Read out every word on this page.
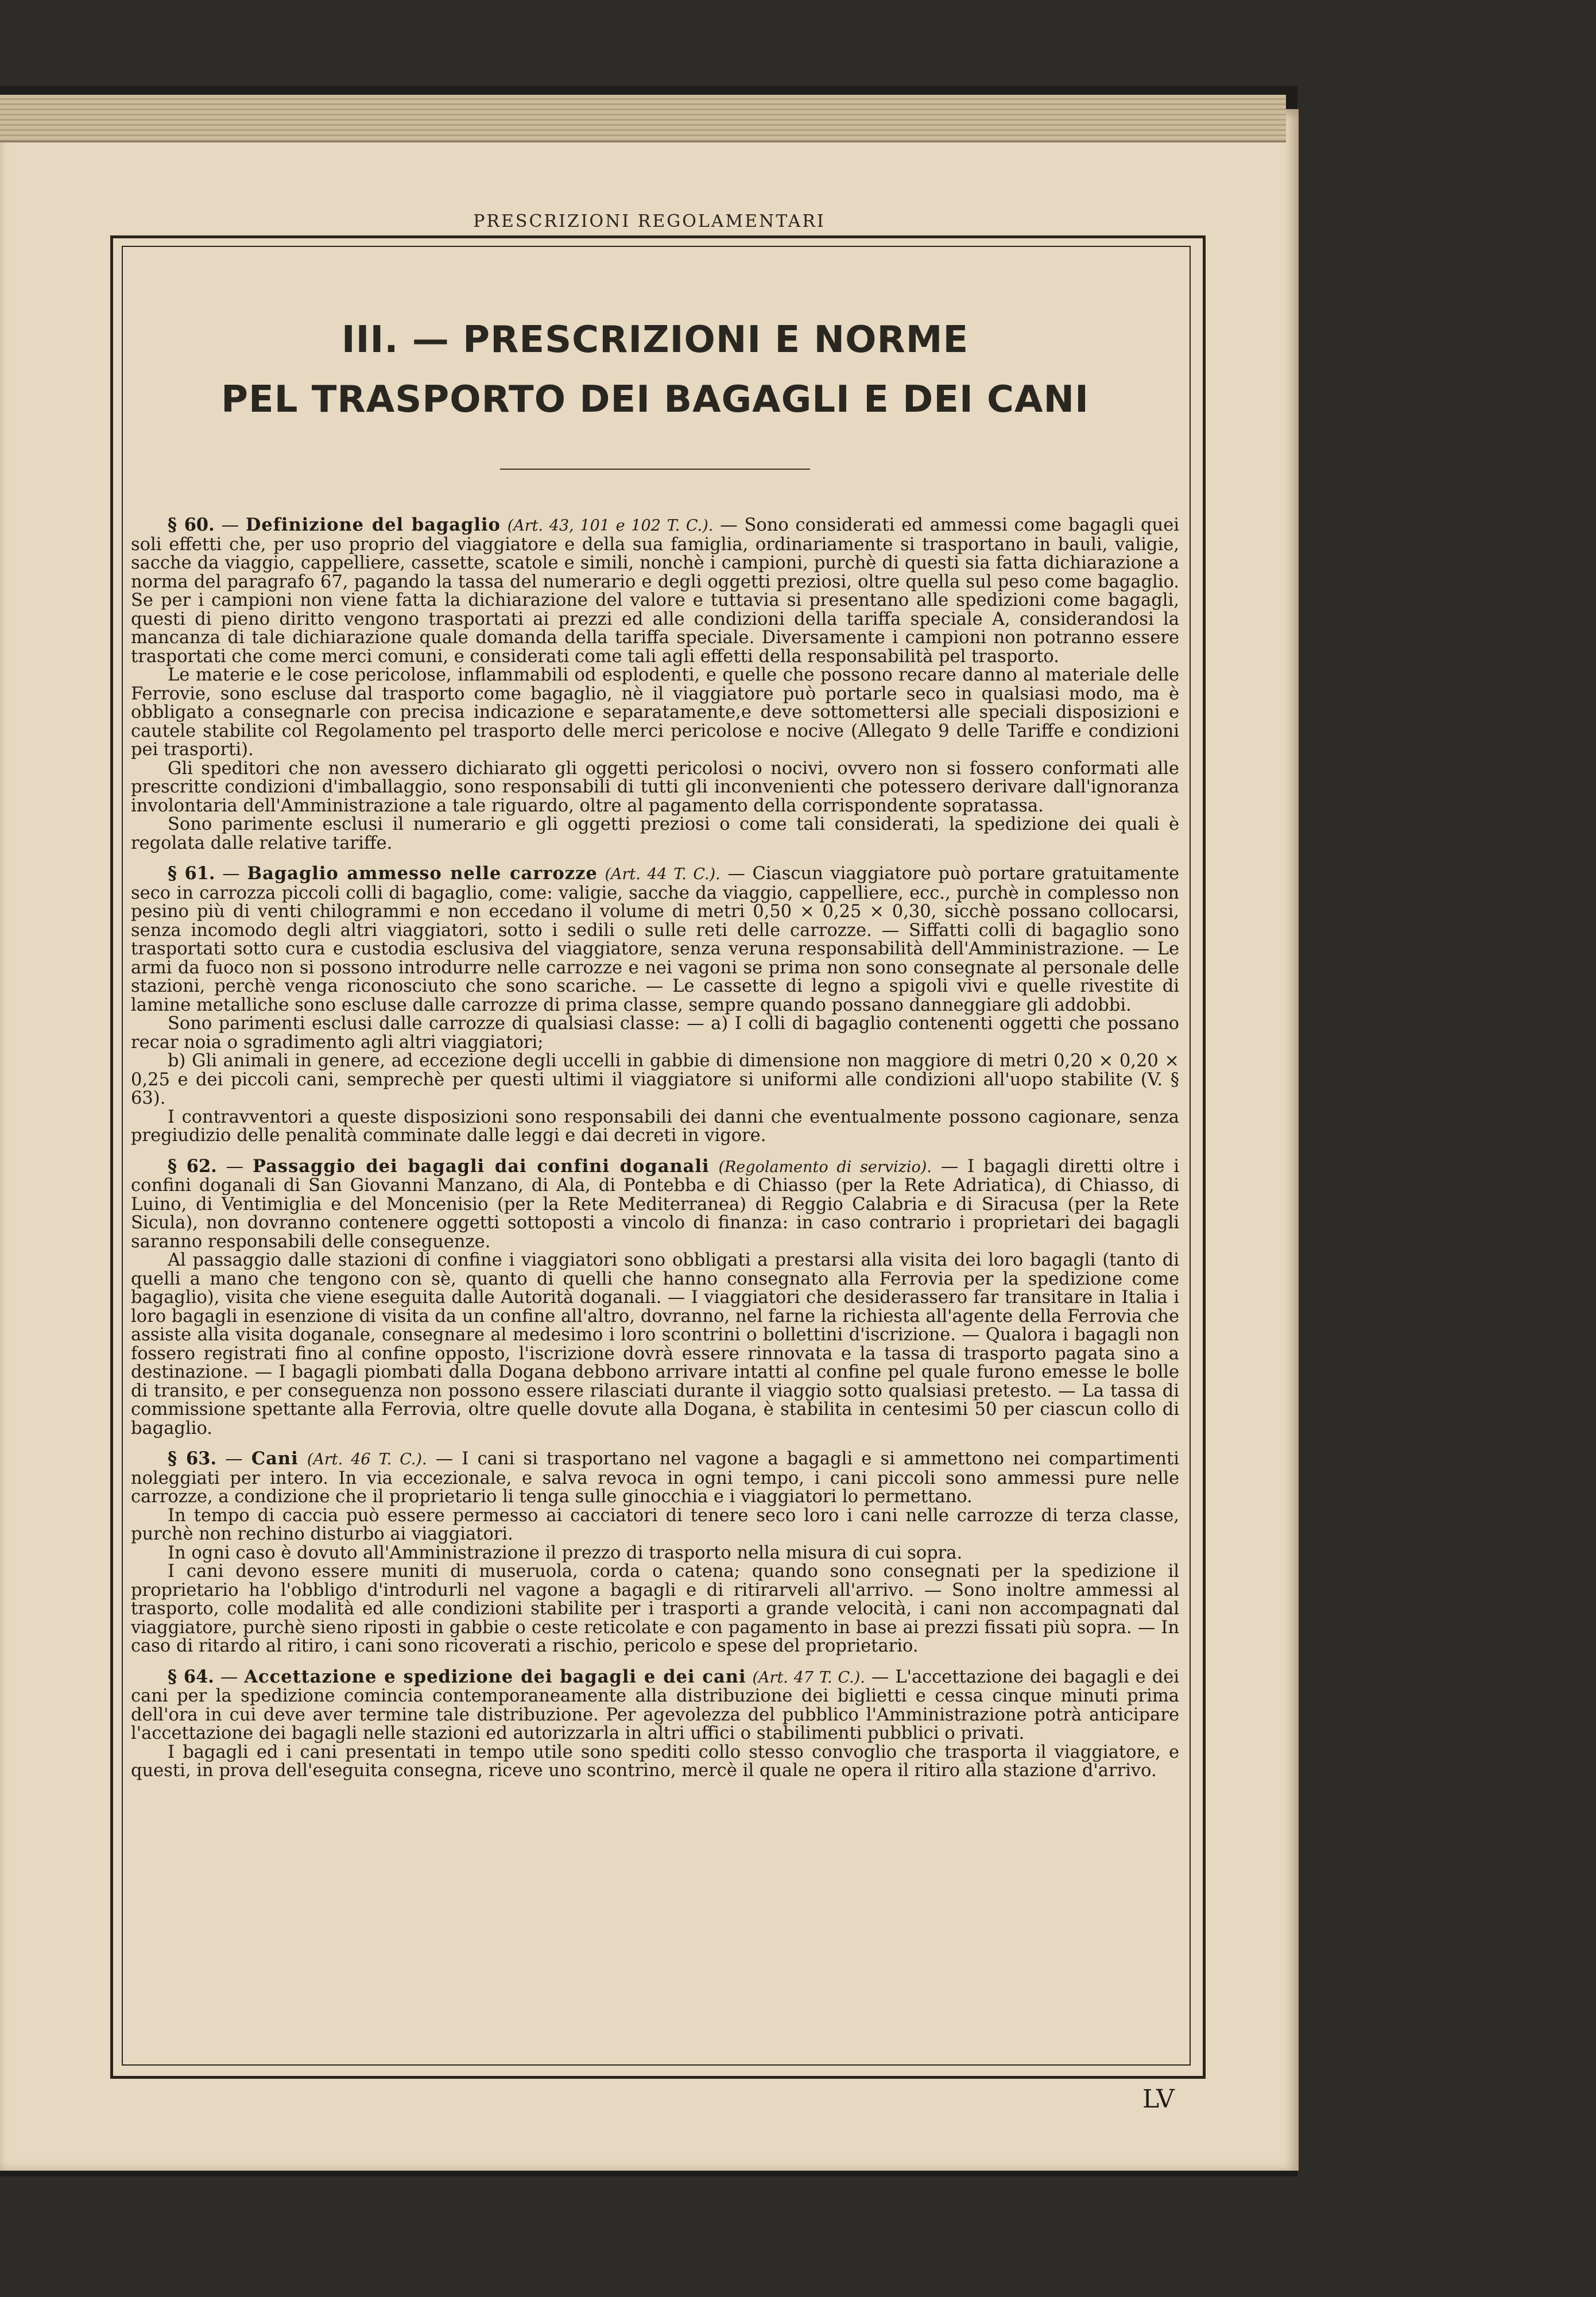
PRESCRIZIONI REGOLAMENTARI
III. — PRESCRIZIONI E NORME
PEL TRASPORTO DEI BAGAGLI E DEI CANI

§ 60. — Definizione del bagaglio (Art. 43, 101 e 102 T. C.). — Sono considerati ed ammessi come bagagli quei soli effetti che, per uso proprio del viaggiatore e della sua famiglia, ordinariamente si trasportano in bauli, valigie, sacche da viaggio, cappelliere, cassette, scatole e simili, nonchè i campioni, purchè di questi sia fatta dichiarazione a norma del paragrafo 67, pagando la tassa del numerario e degli oggetti preziosi, oltre quella sul peso come bagaglio. Se per i campioni non viene fatta la dichiarazione del valore e tuttavia si presentano alle spedizioni come bagagli, questi di pieno diritto vengono trasportati ai prezzi ed alle condizioni della tariffa speciale A, considerandosi la mancanza di tale dichiarazione quale domanda della tariffa speciale. Diversamente i campioni non potranno essere trasportati che come merci comuni, e considerati come tali agli effetti della responsabilità pel trasporto.

Le materie e le cose pericolose, inflammabili od esplodenti, e quelle che possono recare danno al materiale delle Ferrovie, sono escluse dal trasporto come bagaglio, nè il viaggiatore può portarle seco in qualsiasi modo, ma è obbligato a consegnarle con precisa indicazione e separatamente,e deve sottomettersi alle speciali disposizioni e cautele stabilite col Regolamento pel trasporto delle merci pericolose e nocive (Allegato 9 delle Tariffe e condizioni pei trasporti).

Gli speditori che non avessero dichiarato gli oggetti pericolosi o nocivi, ovvero non si fossero conformati alle prescritte condizioni d'imballaggio, sono responsabili di tutti gli inconvenienti che potessero derivare dall'ignoranza involontaria dell'Amministrazione a tale riguardo, oltre al pagamento della corrispondente sopratassa.

Sono parimente esclusi il numerario e gli oggetti preziosi o come tali considerati, la spedizione dei quali è regolata dalle relative tariffe.

§ 61. — Bagaglio ammesso nelle carrozze (Art. 44 T. C.). — Ciascun viaggiatore può portare gratuitamente seco in carrozza piccoli colli di bagaglio, come: valigie, sacche da viaggio, cappelliere, ecc., purchè in complesso non pesino più di venti chilogrammi e non eccedano il volume di metri 0,50 × 0,25 × 0,30, sicchè possano collocarsi, senza incomodo degli altri viaggiatori, sotto i sedili o sulle reti delle carrozze. — Siffatti colli di bagaglio sono trasportati sotto cura e custodia esclusiva del viaggiatore, senza veruna responsabilità dell'Amministrazione. — Le armi da fuoco non si possono introdurre nelle carrozze e nei vagoni se prima non sono consegnate al personale delle stazioni, perchè venga riconosciuto che sono scariche. — Le cassette di legno a spigoli vivi e quelle rivestite di lamine metalliche sono escluse dalle carrozze di prima classe, sempre quando possano danneggiare gli addobbi.

Sono parimenti esclusi dalle carrozze di qualsiasi classe: — a) I colli di bagaglio contenenti oggetti che possano recar noia o sgradimento agli altri viaggiatori;

b) Gli animali in genere, ad eccezione degli uccelli in gabbie di dimensione non maggiore di metri 0,20 × 0,20 × 0,25 e dei piccoli cani, semprechè per questi ultimi il viaggiatore si uniformi alle condizioni all'uopo stabilite (V. § 63).

I contravventori a queste disposizioni sono responsabili dei danni che eventualmente possono cagionare, senza pregiudizio delle penalità comminate dalle leggi e dai decreti in vigore.

§ 62. — Passaggio dei bagagli dai confini doganali (Regolamento di servizio). — I bagagli diretti oltre i confini doganali di San Giovanni Manzano, di Ala, di Pontebba e di Chiasso (per la Rete Adriatica), di Chiasso, di Luino, di Ventimiglia e del Moncenisio (per la Rete Mediterranea) di Reggio Calabria e di Siracusa (per la Rete Sicula), non dovranno contenere oggetti sottoposti a vincolo di finanza: in caso contrario i proprietari dei bagagli saranno responsabili delle conseguenze.

Al passaggio dalle stazioni di confine i viaggiatori sono obbligati a prestarsi alla visita dei loro bagagli (tanto di quelli a mano che tengono con sè, quanto di quelli che hanno consegnato alla Ferrovia per la spedizione come bagaglio), visita che viene eseguita dalle Autorità doganali. — I viaggiatori che desiderassero far transitare in Italia i loro bagagli in esenzione di visita da un confine all'altro, dovranno, nel farne la richiesta all'agente della Ferrovia che assiste alla visita doganale, consegnare al medesimo i loro scontrini o bollettini d'iscrizione. — Qualora i bagagli non fossero registrati fino al confine opposto, l'iscrizione dovrà essere rinnovata e la tassa di trasporto pagata sino a destinazione. — I bagagli piombati dalla Dogana debbono arrivare intatti al confine pel quale furono emesse le bolle di transito, e per conseguenza non possono essere rilasciati durante il viaggio sotto qualsiasi pretesto. — La tassa di commissione spettante alla Ferrovia, oltre quelle dovute alla Dogana, è stabilita in centesimi 50 per ciascun collo di bagaglio.

§ 63. — Cani (Art. 46 T. C.). — I cani si trasportano nel vagone a bagagli e si ammettono nei compartimenti noleggiati per intero. In via eccezionale, e salva revoca in ogni tempo, i cani piccoli sono ammessi pure nelle carrozze, a condizione che il proprietario li tenga sulle ginocchia e i viaggiatori lo permettano.

In tempo di caccia può essere permesso ai cacciatori di tenere seco loro i cani nelle carrozze di terza classe, purchè non rechino disturbo ai viaggiatori.

In ogni caso è dovuto all'Amministrazione il prezzo di trasporto nella misura di cui sopra.

I cani devono essere muniti di museruola, corda o catena; quando sono consegnati per la spedizione il proprietario ha l'obbligo d'introdurli nel vagone a bagagli e di ritirarveli all'arrivo. — Sono inoltre ammessi al trasporto, colle modalità ed alle condizioni stabilite per i trasporti a grande velocità, i cani non accompagnati dal viaggiatore, purchè sieno riposti in gabbie o ceste reticolate e con pagamento in base ai prezzi fissati più sopra. — In caso di ritardo al ritiro, i cani sono ricoverati a rischio, pericolo e spese del proprietario.

§ 64. — Accettazione e spedizione dei bagagli e dei cani (Art. 47 T. C.). — L'accettazione dei bagagli e dei cani per la spedizione comincia contemporaneamente alla distribuzione dei biglietti e cessa cinque minuti prima dell'ora in cui deve aver termine tale distribuzione. Per agevolezza del pubblico l'Amministrazione potrà anticipare l'accettazione dei bagagli nelle stazioni ed autorizzarla in altri uffici o stabilimenti pubblici o privati.

I bagagli ed i cani presentati in tempo utile sono spediti collo stesso convoglio che trasporta il viaggiatore, e questi, in prova dell'eseguita consegna, riceve uno scontrino, mercè il quale ne opera il ritiro alla stazione d'arrivo.

LV
